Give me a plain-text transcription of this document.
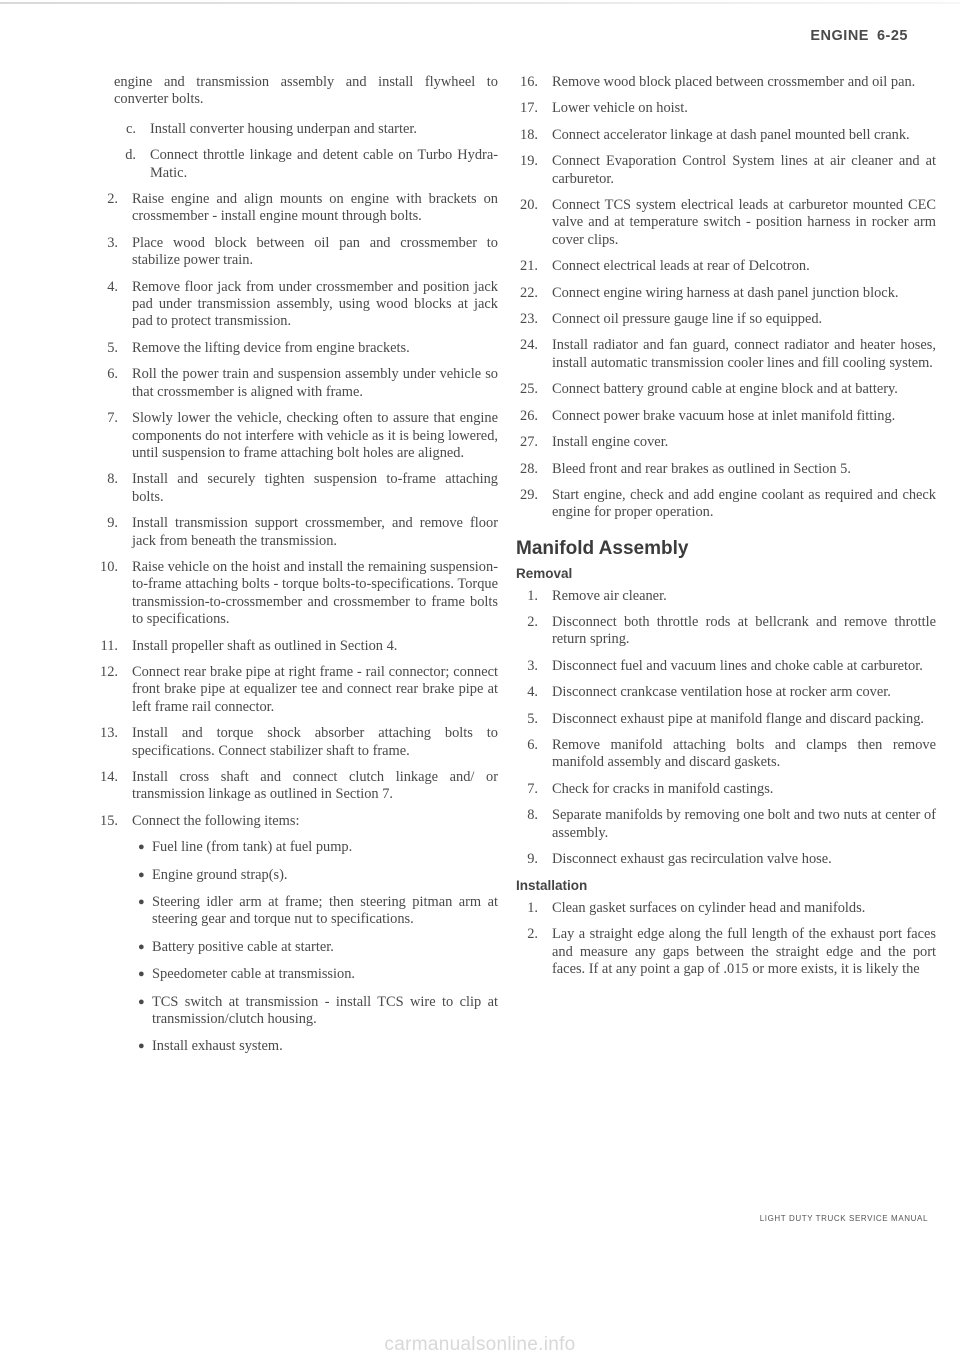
ENGINE 6-25

engine and transmission assembly and install flywheel to converter bolts.

c. Install converter housing underpan and starter.
d. Connect throttle linkage and detent cable on Turbo Hydra-Matic.
2. Raise engine and align mounts on engine with brackets on crossmember - install engine mount through bolts.
3. Place wood block between oil pan and crossmember to stabilize power train.
4. Remove floor jack from under crossmember and position jack pad under transmission assembly, using wood blocks at jack pad to protect transmission.
5. Remove the lifting device from engine brackets.
6. Roll the power train and suspension assembly under vehicle so that crossmember is aligned with frame.
7. Slowly lower the vehicle, checking often to assure that engine components do not interfere with vehicle as it is being lowered, until suspension to frame attaching bolt holes are aligned.
8. Install and securely tighten suspension to-frame attaching bolts.
9. Install transmission support crossmember, and remove floor jack from beneath the transmission.
10. Raise vehicle on the hoist and install the remaining suspension-to-frame attaching bolts - torque bolts-to-specifications. Torque transmission-to-crossmember and crossmember to frame bolts to specifications.
11. Install propeller shaft as outlined in Section 4.
12. Connect rear brake pipe at right frame - rail connector; connect front brake pipe at equalizer tee and connect rear brake pipe at left frame rail connector.
13. Install and torque shock absorber attaching bolts to specifications. Connect stabilizer shaft to frame.
14. Install cross shaft and connect clutch linkage and/ or transmission linkage as outlined in Section 7.
15. Connect the following items:
● Fuel line (from tank) at fuel pump.
● Engine ground strap(s).
● Steering idler arm at frame; then steering pitman arm at steering gear and torque nut to specifications.
● Battery positive cable at starter.
● Speedometer cable at transmission.
● TCS switch at transmission - install TCS wire to clip at transmission/clutch housing.
● Install exhaust system.
16. Remove wood block placed between crossmember and oil pan.
17. Lower vehicle on hoist.
18. Connect accelerator linkage at dash panel mounted bell crank.
19. Connect Evaporation Control System lines at air cleaner and at carburetor.
20. Connect TCS system electrical leads at carburetor mounted CEC valve and at temperature switch - position harness in rocker arm cover clips.
21. Connect electrical leads at rear of Delcotron.
22. Connect engine wiring harness at dash panel junction block.
23. Connect oil pressure gauge line if so equipped.
24. Install radiator and fan guard, connect radiator and heater hoses, install automatic transmission cooler lines and fill cooling system.
25. Connect battery ground cable at engine block and at battery.
26. Connect power brake vacuum hose at inlet manifold fitting.
27. Install engine cover.
28. Bleed front and rear brakes as outlined in Section 5.
29. Start engine, check and add engine coolant as required and check engine for proper operation.
Manifold Assembly
Removal
1. Remove air cleaner.
2. Disconnect both throttle rods at bellcrank and remove throttle return spring.
3. Disconnect fuel and vacuum lines and choke cable at carburetor.
4. Disconnect crankcase ventilation hose at rocker arm cover.
5. Disconnect exhaust pipe at manifold flange and discard packing.
6. Remove manifold attaching bolts and clamps then remove manifold assembly and discard gaskets.
7. Check for cracks in manifold castings.
8. Separate manifolds by removing one bolt and two nuts at center of assembly.
9. Disconnect exhaust gas recirculation valve hose.
Installation
1. Clean gasket surfaces on cylinder head and manifolds.
2. Lay a straight edge along the full length of the exhaust port faces and measure any gaps between the straight edge and the port faces. If at any point a gap of .015 or more exists, it is likely the
LIGHT DUTY TRUCK SERVICE MANUAL
carmanualsonline.info
